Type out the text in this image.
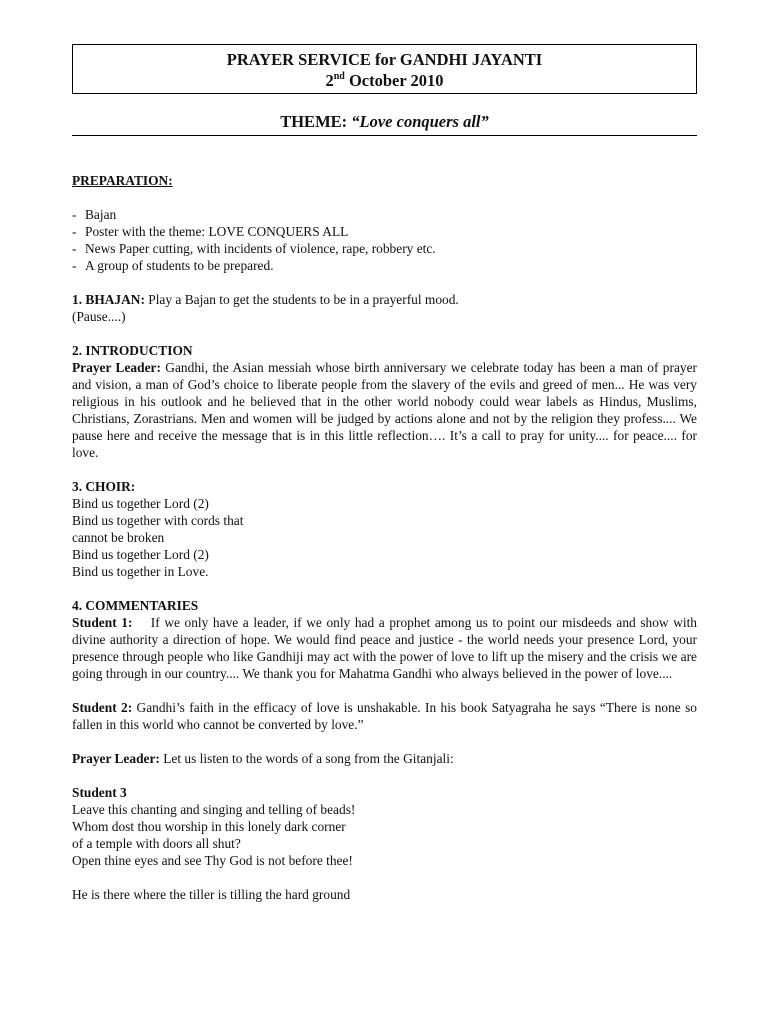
PRAYER SERVICE for GANDHI JAYANTI
2nd October 2010
THEME: “Love conquers all”
PREPARATION:
- Bajan
- Poster with the theme: LOVE CONQUERS ALL
- News Paper cutting, with incidents of violence, rape, robbery etc.
- A group of students to be prepared.
1. BHAJAN: Play a Bajan to get the students to be in a prayerful mood.
(Pause....)
2. INTRODUCTION
Prayer Leader: Gandhi, the Asian messiah whose birth anniversary we celebrate today has been a man of prayer and vision, a man of God’s choice to liberate people from the slavery of the evils and greed of men... He was very religious in his outlook and he believed that in the other world nobody could wear labels as Hindus, Muslims, Christians, Zorastrians. Men and women will be judged by actions alone and not by the religion they profess.... We pause here and receive the message that is in this little reflection…. It’s a call to pray for unity.... for peace.... for love.
3. CHOIR:
Bind us together Lord (2)
Bind us together with cords that
cannot be broken
Bind us together Lord (2)
Bind us together in Love.
4. COMMENTARIES
Student 1:    If we only have a leader, if we only had a prophet among us to point our misdeeds and show with divine authority a direction of hope. We would find peace and justice - the world needs your presence Lord, your presence through people who like Gandhiji may act with the power of love to lift up the misery and the crisis we are going through in our country.... We thank you for Mahatma Gandhi who always believed in the power of love....
Student 2: Gandhi’s faith in the efficacy of love is unshakable. In his book Satyagraha he says “There is none so fallen in this world who cannot be converted by love.”
Prayer Leader: Let us listen to the words of a song from the Gitanjali:
Student 3
Leave this chanting and singing and telling of beads!
Whom dost thou worship in this lonely dark corner
of a temple with doors all shut?
Open thine eyes and see Thy God is not before thee!
He is there where the tiller is tilling the hard ground
